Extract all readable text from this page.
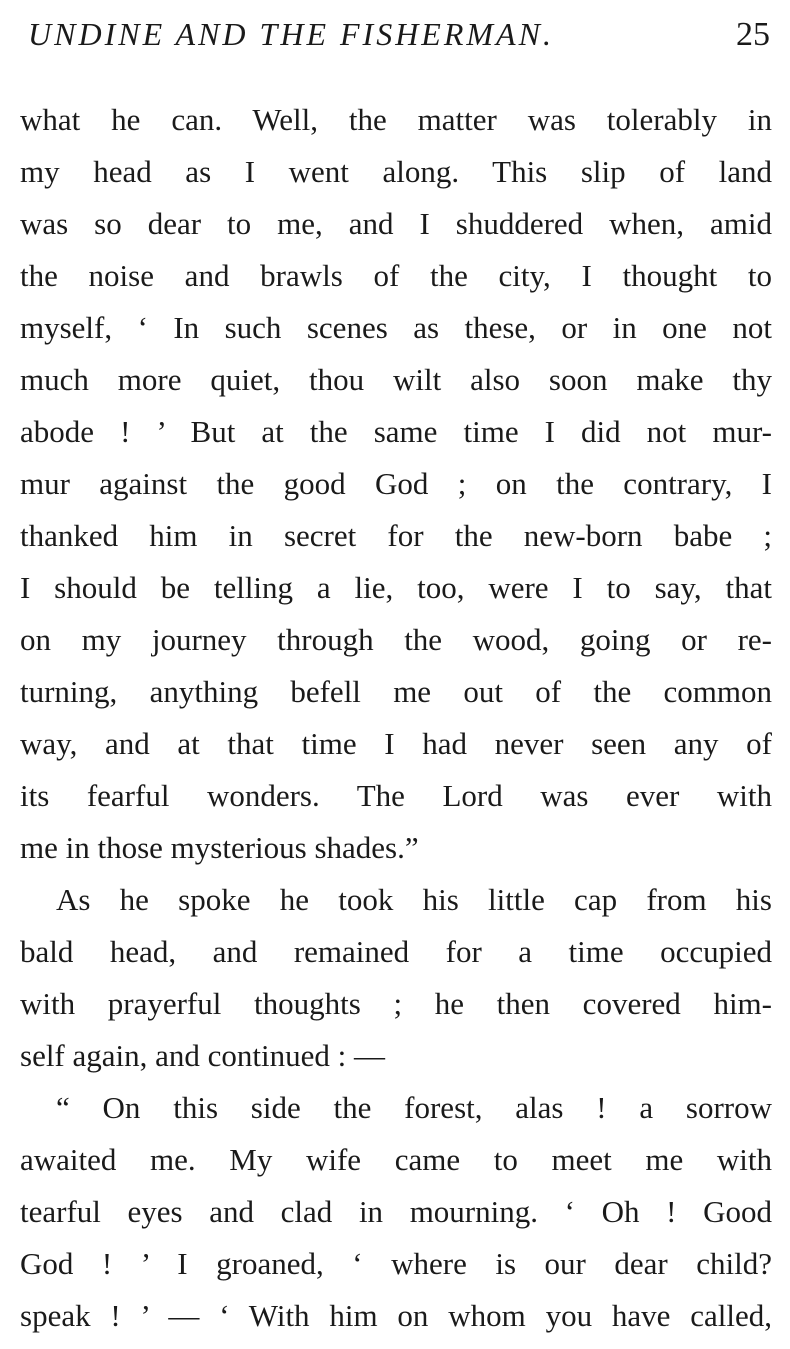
UNDINE AND THE FISHERMAN.	25
what he can. Well, the matter was tolerably in
my head as I went along. This slip of land
was so dear to me, and I shuddered when, amid
the noise and brawls of the city, I thought to
myself, ‘ In such scenes as these, or in one not
much more quiet, thou wilt also soon make thy
abode ! ’ But at the same time I did not mur-
mur against the good God ; on the contrary, I
thanked him in secret for the new-born babe ;
I should be telling a lie, too, were I to say, that
on my journey through the wood, going or re-
turning, anything befell me out of the common
way, and at that time I had never seen any of
its fearful wonders. The Lord was ever with
me in those mysterious shades.”
As he spoke he took his little cap from his
bald head, and remained for a time occupied
with prayerful thoughts ; he then covered him-
self again, and continued : —
“ On this side the forest, alas ! a sorrow
awaited me. My wife came to meet me with
tearful eyes and clad in mourning. ‘ Oh ! Good
God ! ’ I groaned, ‘ where is our dear child?
speak ! ’ — ‘ With him on whom you have called,
